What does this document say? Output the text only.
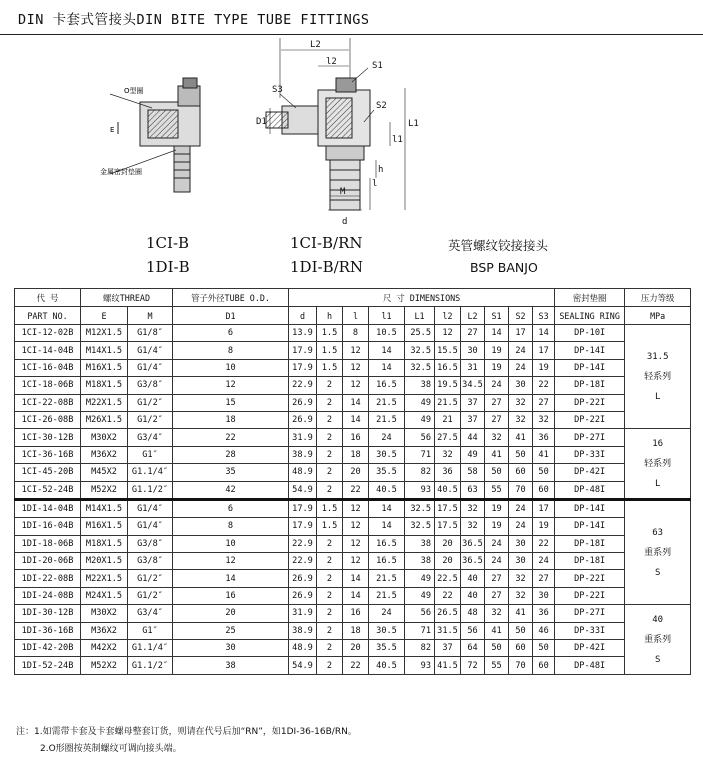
DIN 卡套式管接头DIN BITE TYPE TUBE FITTINGS
O型圈
E
金属密封垫圈
L2
l2	S1
S3
S2
D1	L1
l1
h
l
M
d
1CI-B
1DI-B
1CI-B/RN
1DI-B/RN
英管螺纹铰接接头
BSP BANJO
代 号	螺纹THREAD		管子外径TUBE O.D.	尺 寸 DIMENSIONS										密封垫圈	压力等级
PART NO.	E	M	D1	d	h	l	l1	L1	l2	L2	S1	S2	S3	SEALING RING	MPa
1CI-12-02B	M12X1.5	G1/8″	6	13.9	1.5	8	10.5	25.5	12	27	14	17	14	DP-10I	31.5
轻系列
L

1CI-14-04B	M14X1.5	G1/4″	8	17.9	1.5	12	14	32.5	15.5	30	19	24	17	DP-14I	
1CI-16-04B	M16X1.5	G1/4″	10	17.9	1.5	12	14	32.5	16.5	31	19	24	19	DP-14I	
1CI-18-06B	M18X1.5	G3/8″	12	22.9	2	12	16.5	38	19.5	34.5	24	30	22	DP-18I	
1CI-22-08B	M22X1.5	G1/2″	15	26.9	2	14	21.5	49	21.5	37	27	32	27	DP-22I	
1CI-26-08B	M26X1.5	G1/2″	18	26.9	2	14	21.5	49	21	37	27	32	32	DP-22I	
1CI-30-12B	M30X2	G3/4″	22	31.9	2	16	24	56	27.5	44	32	41	36	DP-27I	16
轻系列
L

1CI-36-16B	M36X2	G1″	28	38.9	2	18	30.5	71	32	49	41	50	41	DP-33I	
1CI-45-20B	M45X2	G1.1/4″	35	48.9	2	20	35.5	82	36	58	50	60	50	DP-42I	
1CI-52-24B	M52X2	G1.1/2″	42	54.9	2	22	40.5	93	40.5	63	55	70	60	DP-48I	
1DI-14-04B	M14X1.5	G1/4″	6	17.9	1.5	12	14	32.5	17.5	32	19	24	17	DP-14I	63
重系列
S

1DI-16-04B	M16X1.5	G1/4″	8	17.9	1.5	12	14	32.5	17.5	32	19	24	19	DP-14I	
1DI-18-06B	M18X1.5	G3/8″	10	22.9	2	12	16.5	38	20	36.5	24	30	22	DP-18I	
1DI-20-06B	M20X1.5	G3/8″	12	22.9	2	12	16.5	38	20	36.5	24	30	24	DP-18I	
1DI-22-08B	M22X1.5	G1/2″	14	26.9	2	14	21.5	49	22.5	40	27	32	27	DP-22I	
1DI-24-08B	M24X1.5	G1/2″	16	26.9	2	14	21.5	49	22	40	27	32	30	DP-22I	
1DI-30-12B	M30X2	G3/4″	20	31.9	2	16	24	56	26.5	48	32	41	36	DP-27I	40
重系列
S

1DI-36-16B	M36X2	G1″	25	38.9	2	18	30.5	71	31.5	56	41	50	46	DP-33I	
1DI-42-20B	M42X2	G1.1/4″	30	48.9	2	20	35.5	82	37	64	50	60	50	DP-42I	
1DI-52-24B	M52X2	G1.1/2″	38	54.9	2	22	40.5	93	41.5	72	55	70	60	DP-48I	
注：1.如需带卡套及卡套螺母整套订货，则请在代号后加“RN”，如1DI-36-16B/RN。
2.O形圈按英制螺纹可调向接头端。
